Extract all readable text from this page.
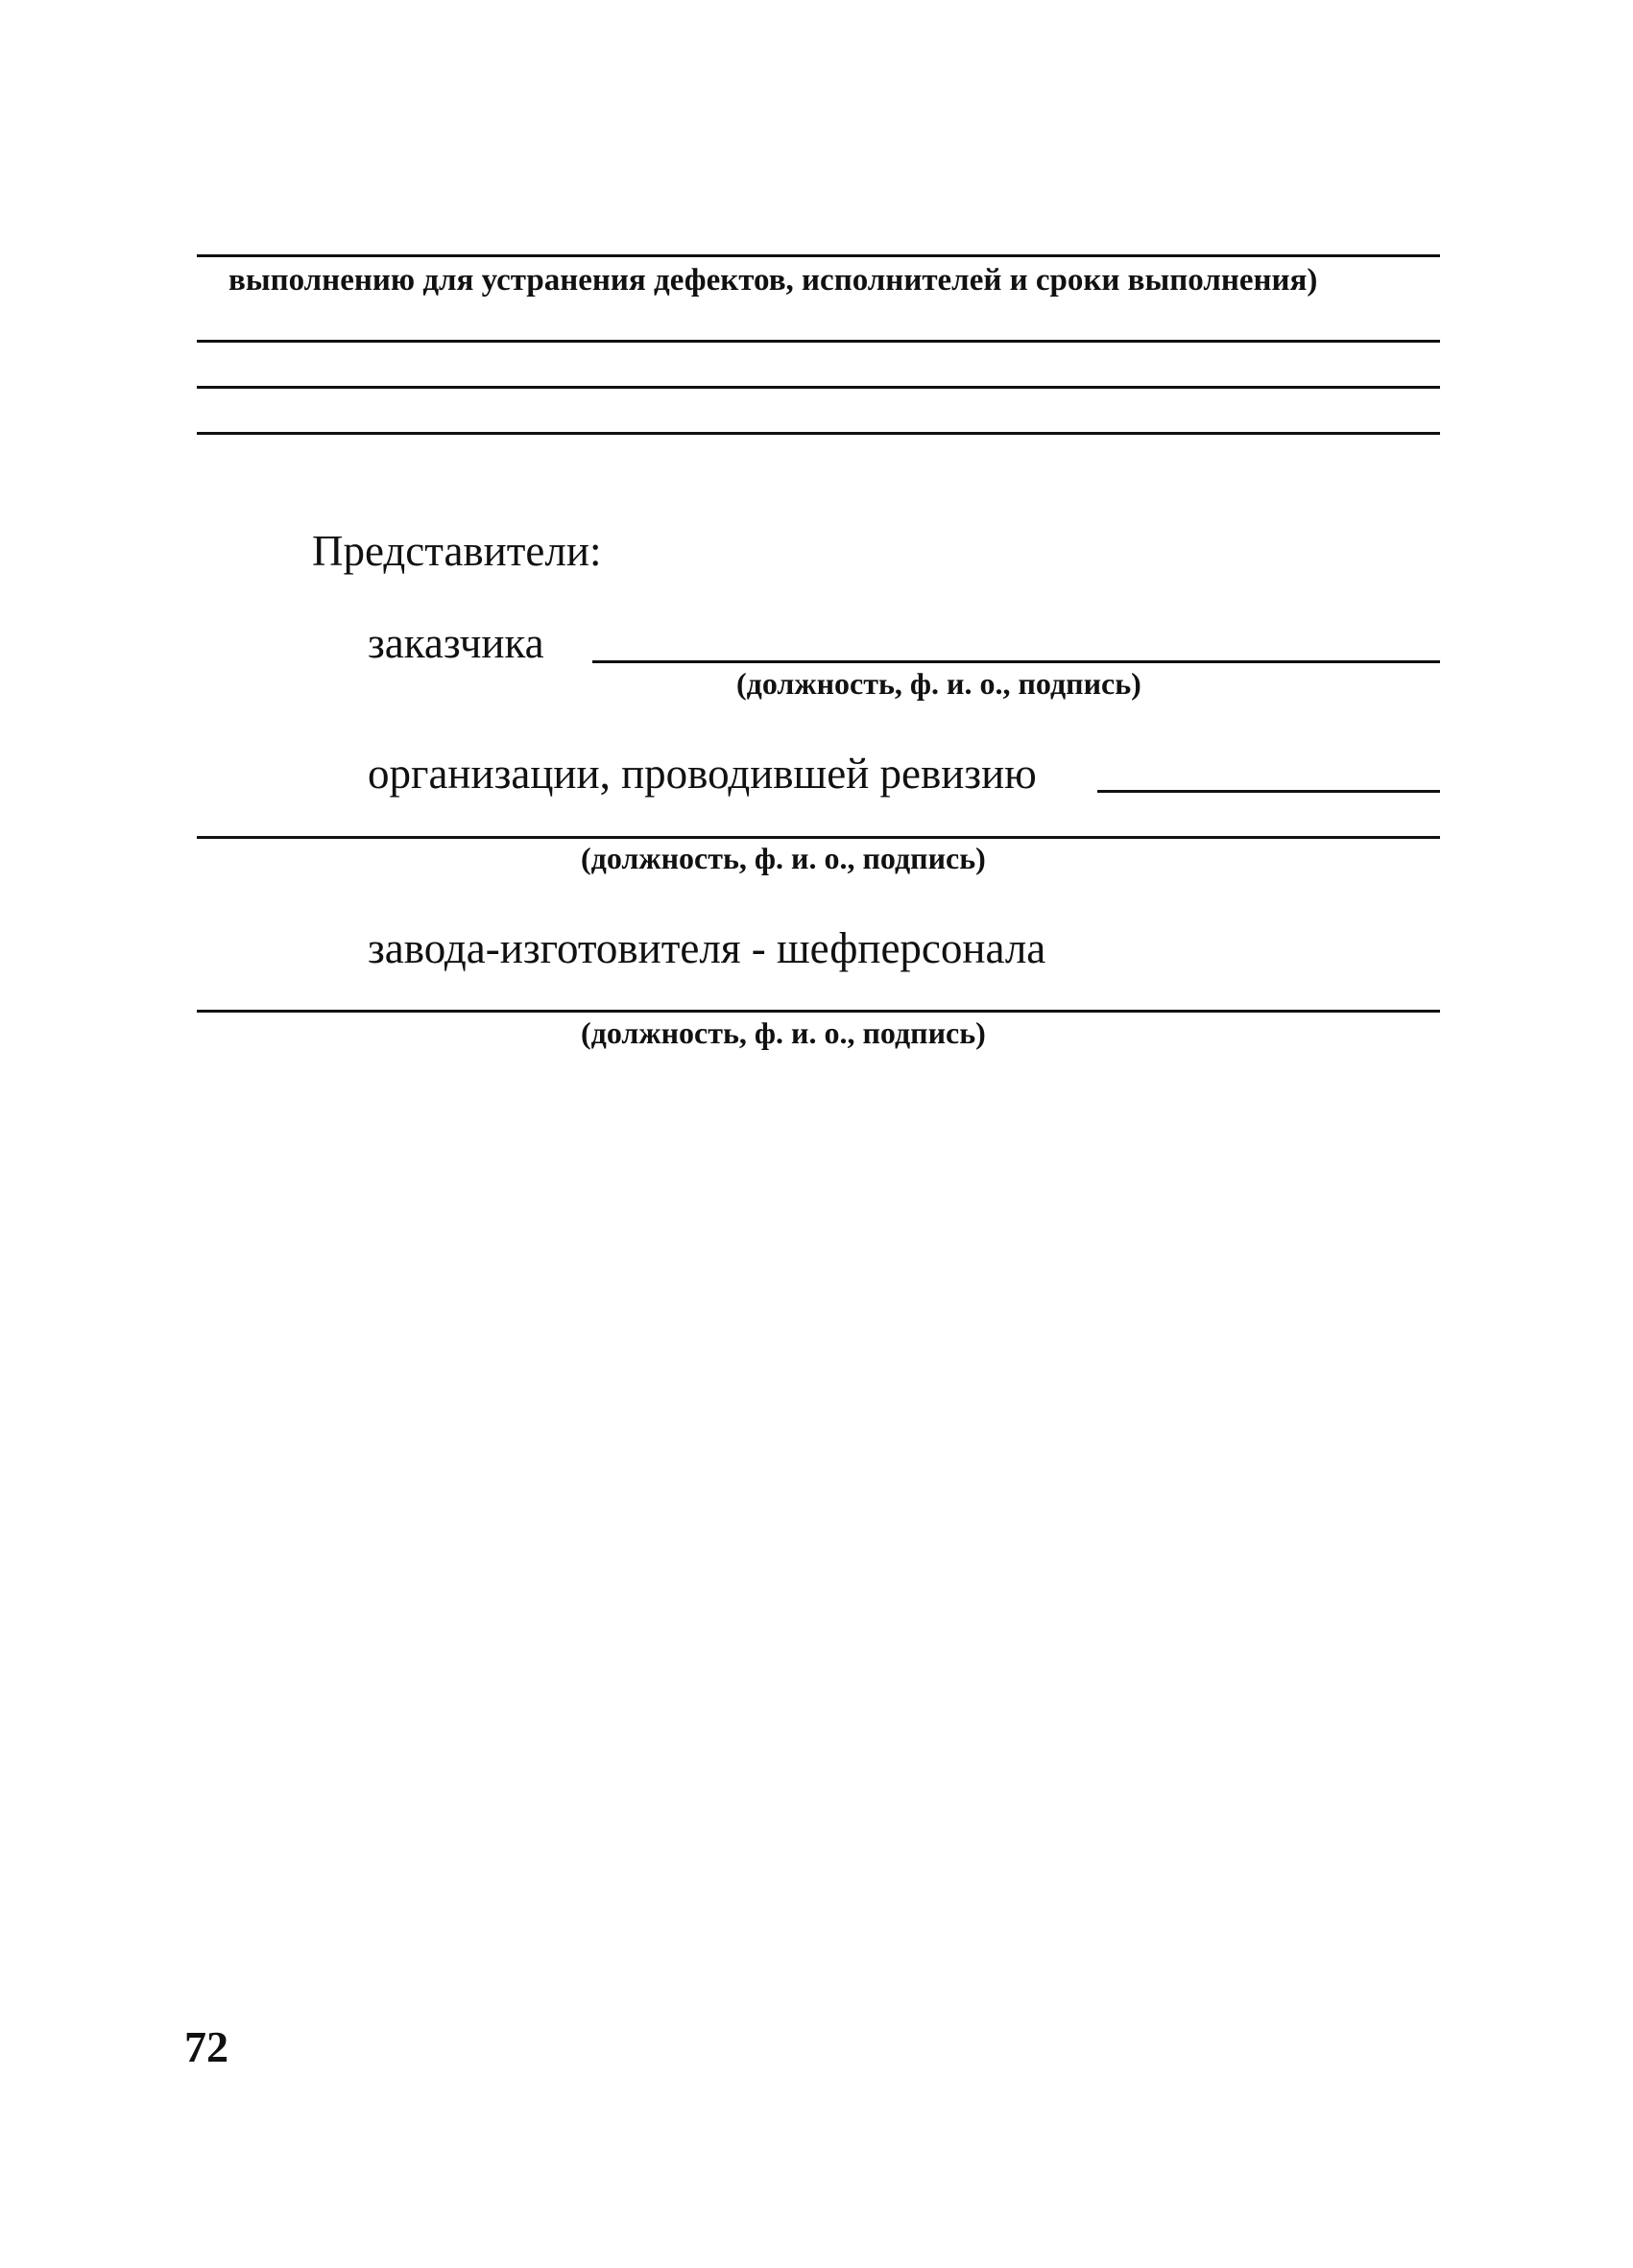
выполнению для устранения дефектов, исполнителей и сроки выполнения)
Представители:
заказчика
(должность, ф. и. о., подпись)
организации, проводившей ревизию
(должность, ф. и. о., подпись)
завода-изготовителя - шефперсонала
(должность, ф. и. о., подпись)
72
